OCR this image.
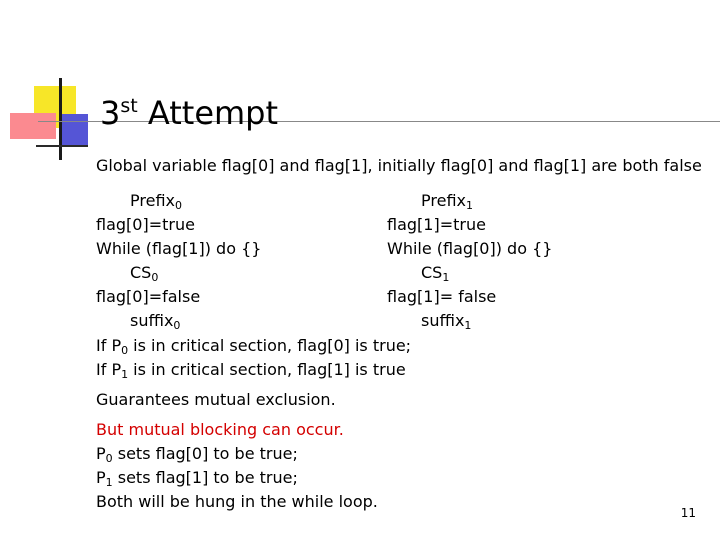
3st Attempt
Global variable flag[0] and flag[1], initially flag[0] and flag[1] are both false
Prefix$_0$
flag[0]=true
While (flag[1]) do {}
$CS_0$
flag[0]=false
suffix$_0$
Prefix$_1$
flag[1]=true
While (flag[0]) do {}
$CS_1$
flag[1]= false
suffix$_1$
If $P_0$ is in critical section, flag[0] is true;
If $P_1$ is in critical section, flag[1] is true
Guarantees mutual exclusion.
But mutual blocking can occur.
$P_0$ sets flag[0] to be true;
$P_1$ sets flag[1] to be true;
Both will be hung in the while loop.
11
